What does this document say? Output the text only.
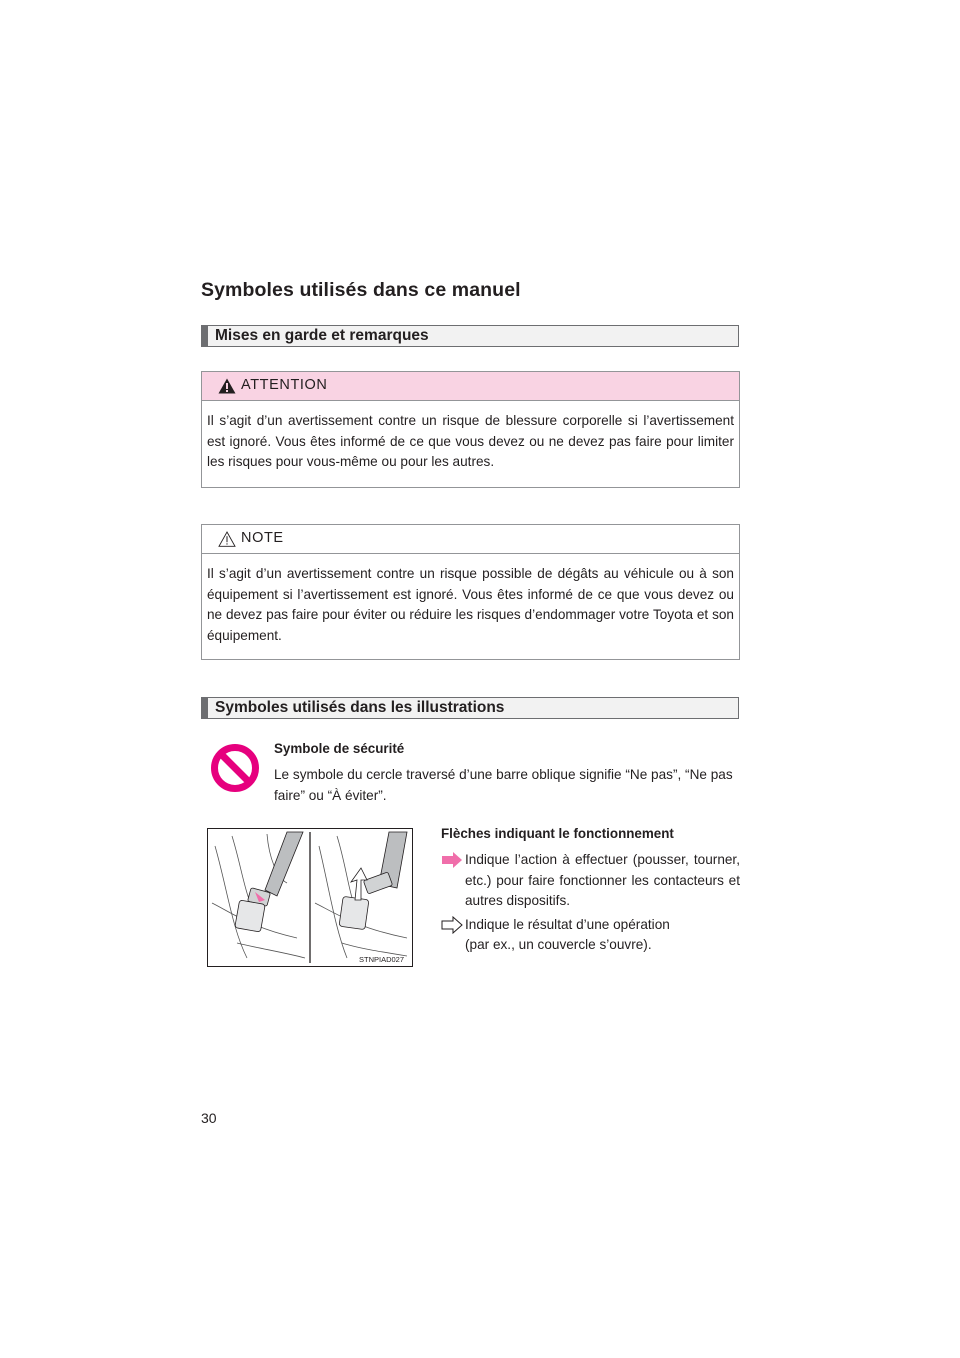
Symboles utilisés dans ce manuel
Mises en garde et remarques
ATTENTION
Il s’agit d’un avertissement contre un risque de blessure corporelle si l’avertissement est ignoré. Vous êtes informé de ce que vous devez ou ne devez pas faire pour limiter les risques pour vous-même ou pour les autres.
NOTE
Il s’agit d’un avertissement contre un risque possible de dégâts au véhicule ou à son équipement si l’avertissement est ignoré. Vous êtes informé de ce que vous devez ou ne devez pas faire pour éviter ou réduire les risques d’endommager votre Toyota et son équipement.
Symboles utilisés dans les illustrations
Symbole de sécurité
Le symbole du cercle traversé d’une barre oblique signifie “Ne pas”, “Ne pas faire” ou “À éviter”.
STNPIAD027
Flèches indiquant le fonctionnement
Indique l’action à effectuer (pousser, tourner, etc.) pour faire fonctionner les contacteurs et autres dispositifs.
Indique le résultat d’une opération
(par ex., un couvercle s’ouvre).
30
